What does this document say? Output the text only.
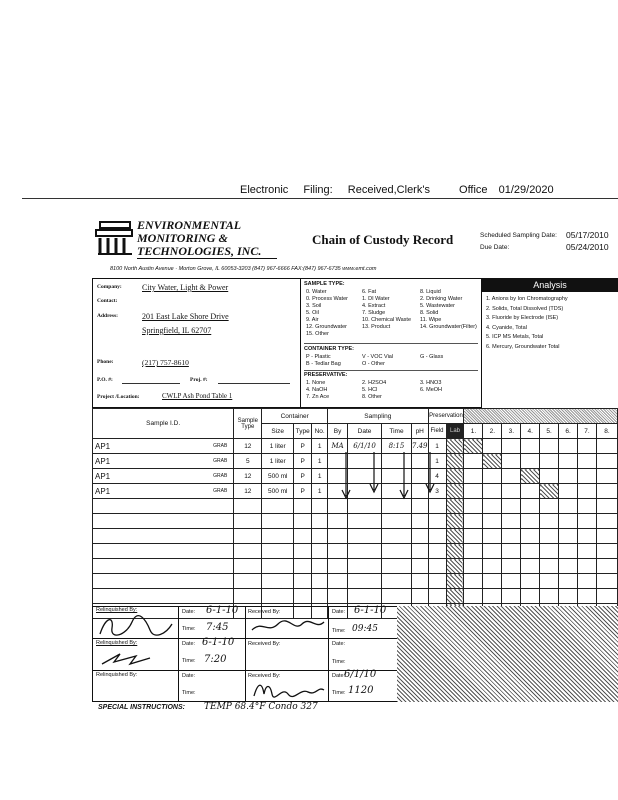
Electronic Filing: Received,Clerk's	Office 01/29/2020
ENVIRONMENTAL
MONITORING &
TECHNOLOGIES, INC.
8100 North Austin Avenue · Morton Grove, IL 60053-3203 (847) 967-6666 FAX:(847) 967-6735 www.emt.com
Chain of Custody Record	Scheduled Sampling Date: 05/17/2010
Due Date:	05/24/2010
Company:	City Water, Light & Power
Contact:
Address:	201 East Lake Shore Drive
Springfield, IL 62707
Phone:	(217) 757-8610
P.O. #:	Proj. #:
Project /Location:	CWLP Ash Pond Table 1
SAMPLE TYPE:
0. Water
0. Process Water
3. Soil
5. Oil
9. Air
12. Groundwater
15. Other
6. Fat
1. DI Water
4. Extract
7. Sludge
10. Chemical Waste
13. Product
8. Liquid
2. Drinking Water
5. Wastewater
8. Solid
11. Wipe
14. Groundwater(Filter)
CONTAINER TYPE:
P - Plastic	V - VOC Vial	G - Glass
B - Tedlar Bag	O - Other
PRESERVATIVE:
1. None
4. NaOH
7. Zn Ace
2. H2SO4
5. HCl
8. Other
3. HNO3
6. MeOH
Analysis
1. Anions by Ion Chromatography
2. Solids, Total Dissolved (TDS)
3. Fluoride by Electrode (ISE)
4. Cyanide, Total
5. ICP MS Metals, Total
6. Mercury, Groundwater Total
Sample I.D.	Sample Type	Container			Sampling				Preservation									
		Size	Type	No.	By	Date	Time	pH	Field	Lab	1.	2.	3.	4.	5.	6.	7.	8.
AP1 GRAB	12	1 liter	P	1	MA	6/1/10	8:15	7.49	1									
AP1 GRAB	5	1 liter	P	1					1									
AP1 GRAB	12	500 ml	P	1					4									
AP1 GRAB	12	500 ml	P	1					3									

Relinquished By:	Date: 6-1-10
Time: 7:45
Received By:	Date: 6-1-10
Time: 09:45
Relinquished By:	Date: 6-1-10
Time: 7:20
Received By:	Date:
Time:
Relinquished By:	Date:
Time:
Received By:	Date:
6/1/10
Time: 1120
SPECIAL INSTRUCTIONS: TEMP 68.4°F Condo 327
